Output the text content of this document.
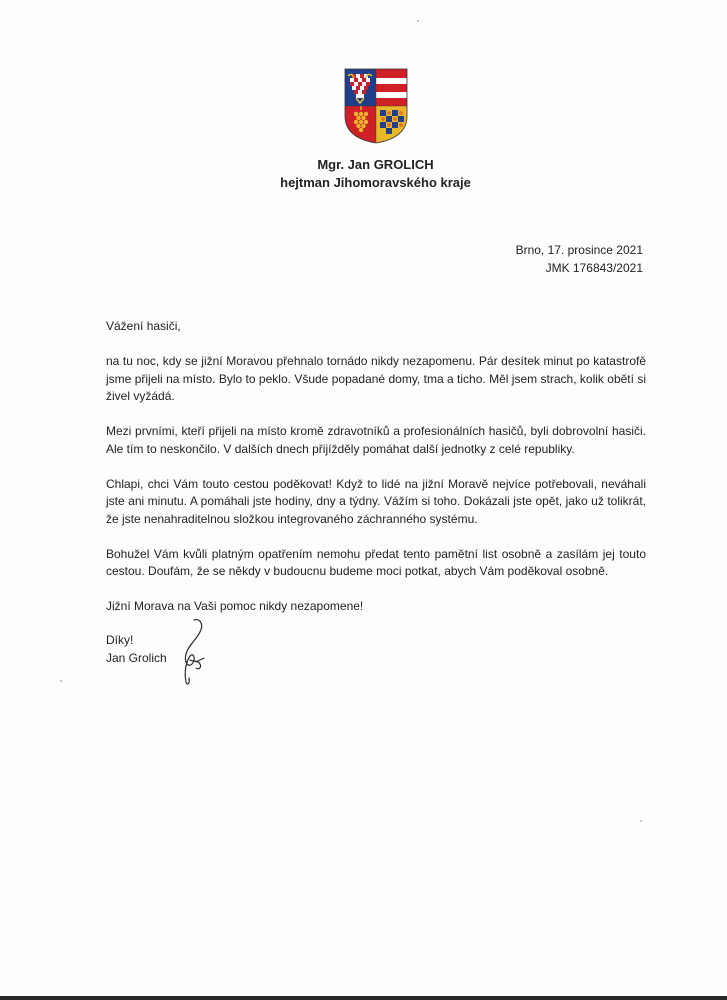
Mgr. Jan GROLICH
hejtman Jihomoravského kraje
Brno, 17. prosince 2021
JMK 176843/2021

Vážení hasiči,

na tu noc, kdy se jižní Moravou přehnalo tornádo nikdy nezapomenu. Pár desítek minut po katastrofě jsme přijeli na místo. Bylo to peklo. Všude popadané domy, tma a ticho. Měl jsem strach, kolik obětí si živel vyžádá.

Mezi prvními, kteří přijeli na místo kromě zdravotníků a profesionálních hasičů, byli dobrovolní hasiči. Ale tím to neskončilo. V dalších dnech přijížděly pomáhat další jednotky z celé republiky.

Chlapi, chci Vám touto cestou poděkovat! Když to lidé na jižní Moravě nejvíce potřebovali, neváhali jste ani minutu. A pomáhali jste hodiny, dny a týdny. Vážím si toho. Dokázali jste opět, jako už tolikrát, že jste nenahraditelnou složkou integrovaného záchranného systému.

Bohužel Vám kvůli platným opatřením nemohu předat tento pamětní list osobně a zasílám jej touto cestou. Doufám, že se někdy v budoucnu budeme moci potkat, abych Vám poděkoval osobně.

Jižní Morava na Vaši pomoc nikdy nezapomene!

Díky!
Jan Grolich
